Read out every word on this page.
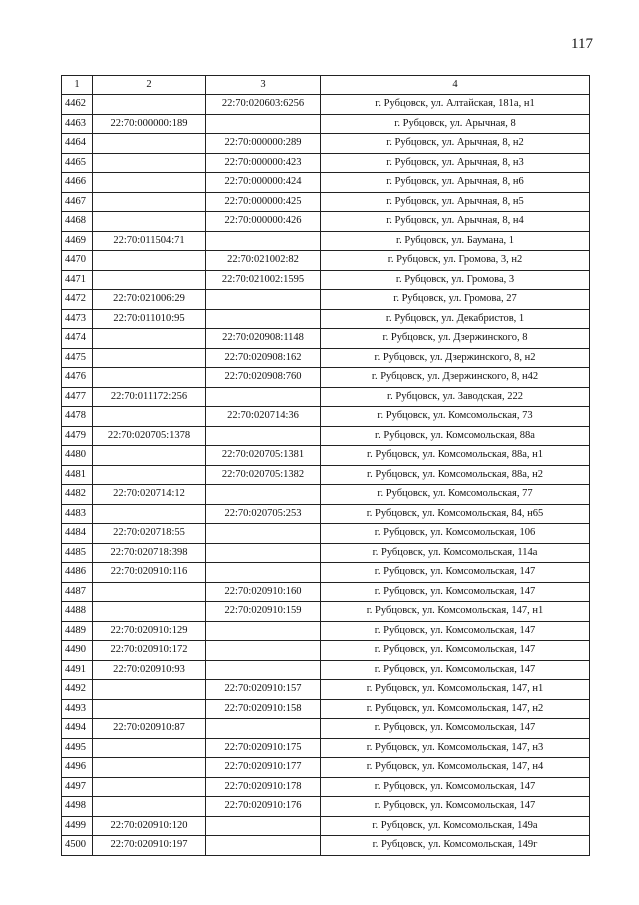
117
1	2	3	4
4462		22:70:020603:6256	г. Рубцовск, ул. Алтайская, 181а, н1
4463	22:70:000000:189		г. Рубцовск, ул. Арычная, 8
4464		22:70:000000:289	г. Рубцовск, ул. Арычная, 8, н2
4465		22:70:000000:423	г. Рубцовск, ул. Арычная, 8, н3
4466		22:70:000000:424	г. Рубцовск, ул. Арычная, 8, н6
4467		22:70:000000:425	г. Рубцовск, ул. Арычная, 8, н5
4468		22:70:000000:426	г. Рубцовск, ул. Арычная, 8, н4
4469	22:70:011504:71		г. Рубцовск, ул. Баумана, 1
4470		22:70:021002:82	г. Рубцовск, ул. Громова, 3, н2
4471		22:70:021002:1595	г. Рубцовск, ул. Громова, 3
4472	22:70:021006:29		г. Рубцовск, ул. Громова, 27
4473	22:70:011010:95		г. Рубцовск, ул. Декабристов, 1
4474		22:70:020908:1148	г. Рубцовск, ул. Дзержинского, 8
4475		22:70:020908:162	г. Рубцовск, ул. Дзержинского, 8, н2
4476		22:70:020908:760	г. Рубцовск, ул. Дзержинского, 8, н42
4477	22:70:011172:256		г. Рубцовск, ул. Заводская, 222
4478		22:70:020714:36	г. Рубцовск, ул. Комсомольская, 73
4479	22:70:020705:1378		г. Рубцовск, ул. Комсомольская, 88а
4480		22:70:020705:1381	г. Рубцовск, ул. Комсомольская, 88а, н1
4481		22:70:020705:1382	г. Рубцовск, ул. Комсомольская, 88а, н2
4482	22:70:020714:12		г. Рубцовск, ул. Комсомольская, 77
4483		22:70:020705:253	г. Рубцовск, ул. Комсомольская, 84, н65
4484	22:70:020718:55		г. Рубцовск, ул. Комсомольская, 106
4485	22:70:020718:398		г. Рубцовск, ул. Комсомольская, 114а
4486	22:70:020910:116		г. Рубцовск, ул. Комсомольская, 147
4487		22:70:020910:160	г. Рубцовск, ул. Комсомольская, 147
4488		22:70:020910:159	г. Рубцовск, ул. Комсомольская, 147, н1
4489	22:70:020910:129		г. Рубцовск, ул. Комсомольская, 147
4490	22:70:020910:172		г. Рубцовск, ул. Комсомольская, 147
4491	22:70:020910:93		г. Рубцовск, ул. Комсомольская, 147
4492		22:70:020910:157	г. Рубцовск, ул. Комсомольская, 147, н1
4493		22:70:020910:158	г. Рубцовск, ул. Комсомольская, 147, н2
4494	22:70:020910:87		г. Рубцовск, ул. Комсомольская, 147
4495		22:70:020910:175	г. Рубцовск, ул. Комсомольская, 147, н3
4496		22:70:020910:177	г. Рубцовск, ул. Комсомольская, 147, н4
4497		22:70:020910:178	г. Рубцовск, ул. Комсомольская, 147
4498		22:70:020910:176	г. Рубцовск, ул. Комсомольская, 147
4499	22:70:020910:120		г. Рубцовск, ул. Комсомольская, 149а
4500	22:70:020910:197		г. Рубцовск, ул. Комсомольская, 149г
